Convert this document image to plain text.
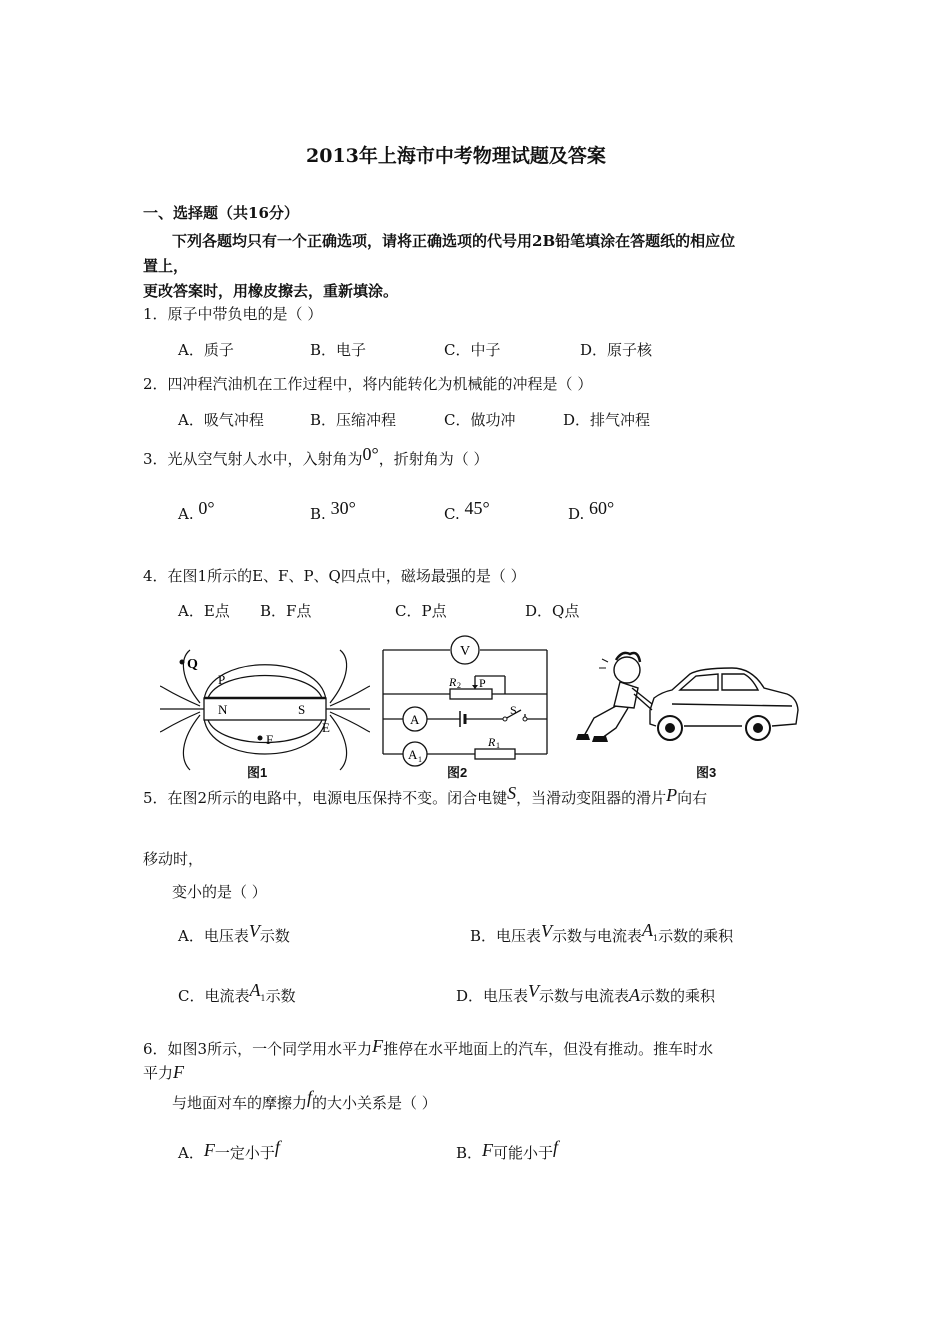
2013年上海市中考物理试题及答案
一、选择题（共16分）
下列各题均只有一个正确选项，请将正确选项的代号用2B铅笔填涂在答题纸的相应位
置上，
更改答案时，用橡皮擦去，重新填涂。
1．原子中带负电的是（ ）
A．质子	B．电子	C．中子	D．原子核
2．四冲程汽油机在工作过程中，将内能转化为机械能的冲程是（ ）
A．吸气冲程	B．压缩冲程	C．做功冲	D．排气冲程
3．光从空气射人水中，入射角为0°，折射角为（ ）
A. 0°	B. 30°	C. 45°	D. 60°
4．在图1所示的E、F、P、Q四点中，磁场最强的是（ ）
A．E点 B．F点	C．P点	D．Q点
N	S
Q
P
F
E
图1
V
A
A 1
R 2 P
S
R 1
图2	图3
5．在图2所示的电路中，电源电压保持不变。闭合电键S，当滑动变阻器的滑片P向右
移动时，
变小的是（ ）
A．电压表V示数	B．电压表V示数与电流表A1示数的乘积
C．电流表A1示数	D．电压表V示数与电流表A示数的乘积
6．如图3所示，一个同学用水平力F推停在水平地面上的汽车，但没有推动。推车时水
平力F
与地面对车的摩擦力f的大小关系是（ ）
A．F一定小于f	B．F可能小于f
